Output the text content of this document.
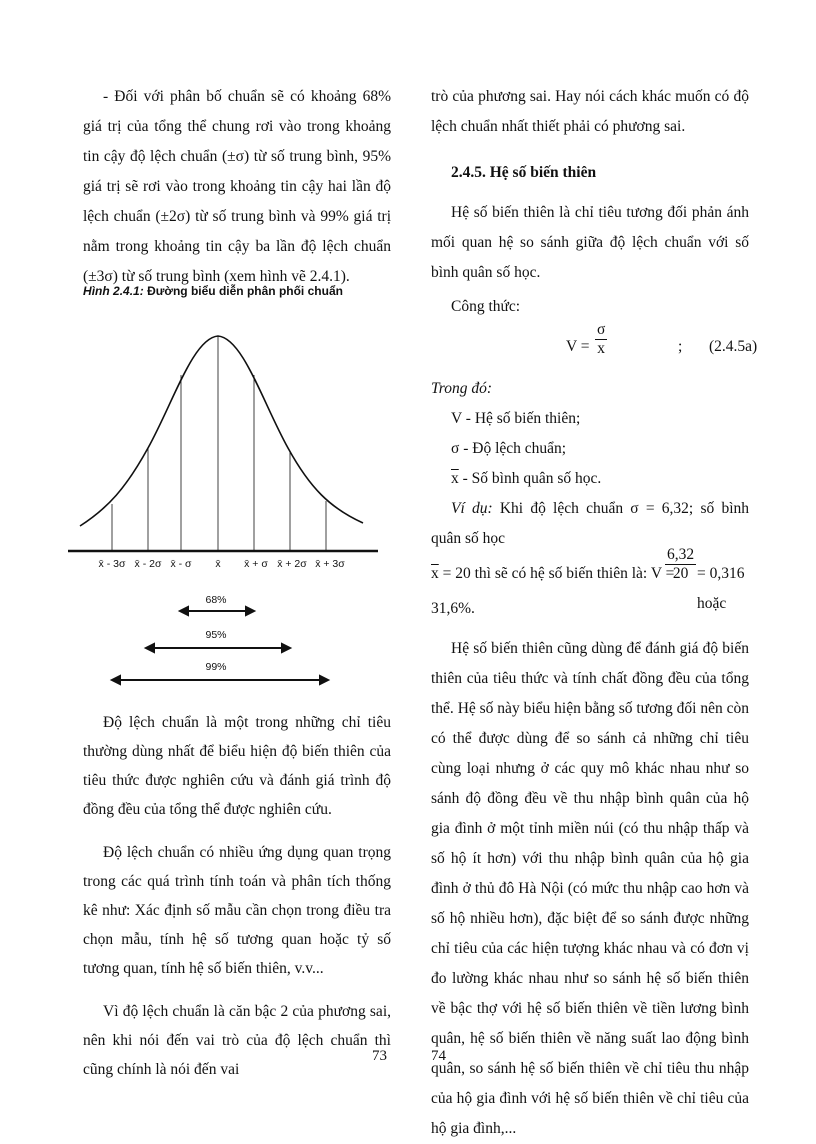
- Đối với phân bố chuẩn sẽ có khoảng 68% giá trị của tổng thể chung rơi vào trong khoảng tin cậy độ lệch chuẩn (±σ) từ số trung bình, 95% giá trị sẽ rơi vào trong khoảng tin cậy hai lần độ lệch chuẩn (±2σ) từ số trung bình và 99% giá trị nằm trong khoảng tin cậy ba lần độ lệch chuẩn (±3σ) từ số trung bình (xem hình vẽ 2.4.1).

Hình 2.4.1: Đường biểu diễn phân phối chuẩn
x̄ - 3σ x̄ - 2σ x̄ - σ x̄ x̄ + σ x̄ + 2σ x̄ + 3σ
68%
95%
99%

Độ lệch chuẩn là một trong những chỉ tiêu thường dùng nhất để biểu hiện độ biến thiên của tiêu thức được nghiên cứu và đánh giá trình độ đồng đều của tổng thể được nghiên cứu.

Độ lệch chuẩn có nhiều ứng dụng quan trọng trong các quá trình tính toán và phân tích thống kê như: Xác định số mẫu cần chọn trong điều tra chọn mẫu, tính hệ số tương quan hoặc tỷ số tương quan, tính hệ số biến thiên, v.v...

Vì độ lệch chuẩn là căn bậc 2 của phương sai, nên khi nói đến vai trò của độ lệch chuẩn thì cũng chính là nói đến vai

73

trò của phương sai. Hay nói cách khác muốn có độ lệch chuẩn nhất thiết phải có phương sai.

2.4.5. Hệ số biến thiên

Hệ số biến thiên là chỉ tiêu tương đối phản ánh mối quan hệ so sánh giữa độ lệch chuẩn với số bình quân số học.

Công thức:

$V = \frac{\sigma}{x}$	; (2.4.5a)

Trong đó:

V - Hệ số biến thiên;

σ - Độ lệch chuẩn;

$\overline{x}$ - Số bình quân số học.

Ví dụ: Khi độ lệch chuẩn σ = 6,32; số bình quân số học

$\overline{x} = 20$ thì sẽ có hệ số biến thiên là: V =
$\frac{6,32}{20} = 0,316$ hoặc

31,6%.

Hệ số biến thiên cũng dùng để đánh giá độ biến thiên của tiêu thức và tính chất đồng đều của tổng thể. Hệ số này biểu hiện bằng số tương đối nên còn có thể được dùng để so sánh cả những chỉ tiêu cùng loại nhưng ở các quy mô khác nhau như so sánh độ đồng đều về thu nhập bình quân của hộ gia đình ở một tỉnh miền núi (có thu nhập thấp và số hộ ít hơn) với thu nhập bình quân của hộ gia đình ở thủ đô Hà Nội (có mức thu nhập cao hơn và số hộ nhiều hơn), đặc biệt để so sánh được những chỉ tiêu của các hiện tượng khác nhau và có đơn vị đo lường khác nhau như so sánh hệ số biến thiên về bậc thợ với hệ số biến thiên về tiền lương bình quân, hệ số biến thiên về năng suất lao động bình quân, so sánh hệ số biến thiên về chỉ tiêu thu nhập của hộ gia đình với hệ số biến thiên về chỉ tiêu của hộ gia đình,...

74
